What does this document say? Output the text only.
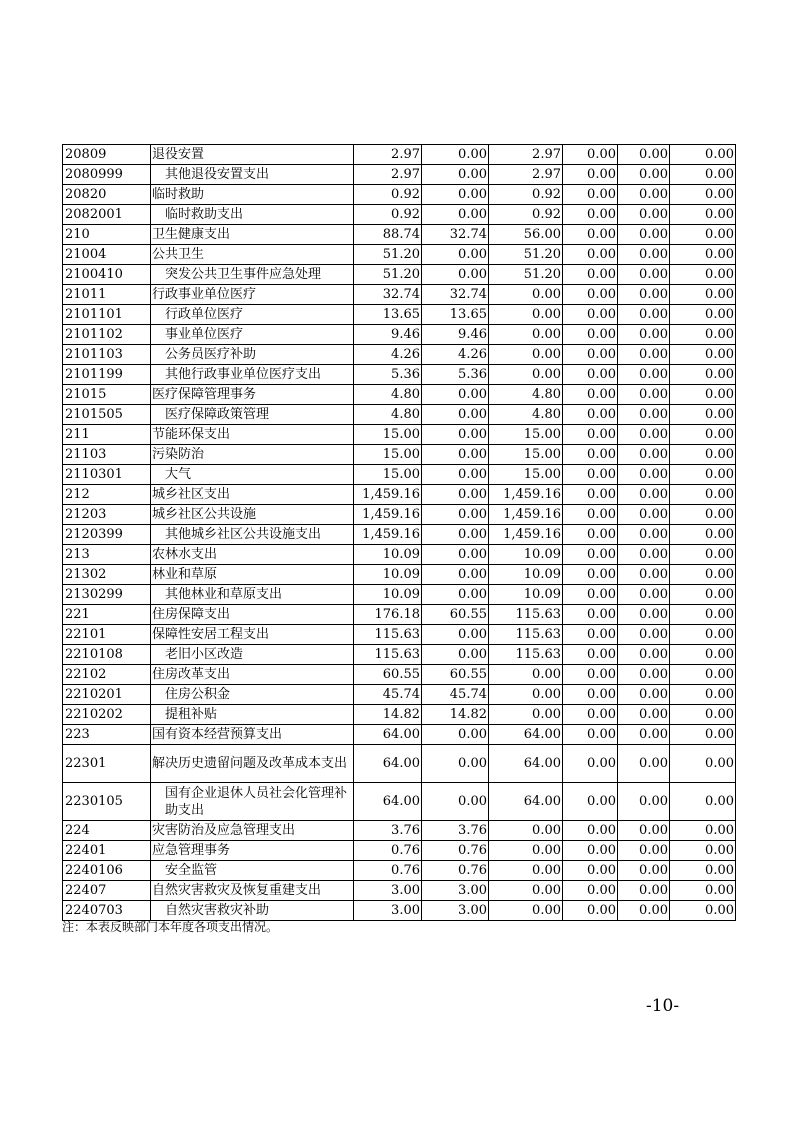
20809	退役安置	2.97	0.00	2.97	0.00	0.00	0.00
2080999	其他退役安置支出	2.97	0.00	2.97	0.00	0.00	0.00
20820	临时救助	0.92	0.00	0.92	0.00	0.00	0.00
2082001	临时救助支出	0.92	0.00	0.92	0.00	0.00	0.00
210	卫生健康支出	88.74	32.74	56.00	0.00	0.00	0.00
21004	公共卫生	51.20	0.00	51.20	0.00	0.00	0.00
2100410	突发公共卫生事件应急处理	51.20	0.00	51.20	0.00	0.00	0.00
21011	行政事业单位医疗	32.74	32.74	0.00	0.00	0.00	0.00
2101101	行政单位医疗	13.65	13.65	0.00	0.00	0.00	0.00
2101102	事业单位医疗	9.46	9.46	0.00	0.00	0.00	0.00
2101103	公务员医疗补助	4.26	4.26	0.00	0.00	0.00	0.00
2101199	其他行政事业单位医疗支出	5.36	5.36	0.00	0.00	0.00	0.00
21015	医疗保障管理事务	4.80	0.00	4.80	0.00	0.00	0.00
2101505	医疗保障政策管理	4.80	0.00	4.80	0.00	0.00	0.00
211	节能环保支出	15.00	0.00	15.00	0.00	0.00	0.00
21103	污染防治	15.00	0.00	15.00	0.00	0.00	0.00
2110301	大气	15.00	0.00	15.00	0.00	0.00	0.00
212	城乡社区支出	1,459.16	0.00	1,459.16	0.00	0.00	0.00
21203	城乡社区公共设施	1,459.16	0.00	1,459.16	0.00	0.00	0.00
2120399	其他城乡社区公共设施支出	1,459.16	0.00	1,459.16	0.00	0.00	0.00
213	农林水支出	10.09	0.00	10.09	0.00	0.00	0.00
21302	林业和草原	10.09	0.00	10.09	0.00	0.00	0.00
2130299	其他林业和草原支出	10.09	0.00	10.09	0.00	0.00	0.00
221	住房保障支出	176.18	60.55	115.63	0.00	0.00	0.00
22101	保障性安居工程支出	115.63	0.00	115.63	0.00	0.00	0.00
2210108	老旧小区改造	115.63	0.00	115.63	0.00	0.00	0.00
22102	住房改革支出	60.55	60.55	0.00	0.00	0.00	0.00
2210201	住房公积金	45.74	45.74	0.00	0.00	0.00	0.00
2210202	提租补贴	14.82	14.82	0.00	0.00	0.00	0.00
223	国有资本经营预算支出	64.00	0.00	64.00	0.00	0.00	0.00
22301	解决历史遗留问题及改革成本支出	64.00	0.00	64.00	0.00	0.00	0.00
2230105	国有企业退休人员社会化管理补助支出	64.00	0.00	64.00	0.00	0.00	0.00
224	灾害防治及应急管理支出	3.76	3.76	0.00	0.00	0.00	0.00
22401	应急管理事务	0.76	0.76	0.00	0.00	0.00	0.00
2240106	安全监管	0.76	0.76	0.00	0.00	0.00	0.00
22407	自然灾害救灾及恢复重建支出	3.00	3.00	0.00	0.00	0.00	0.00
2240703	自然灾害救灾补助	3.00	3.00	0.00	0.00	0.00	0.00
注：本表反映部门本年度各项支出情况。
-10-
